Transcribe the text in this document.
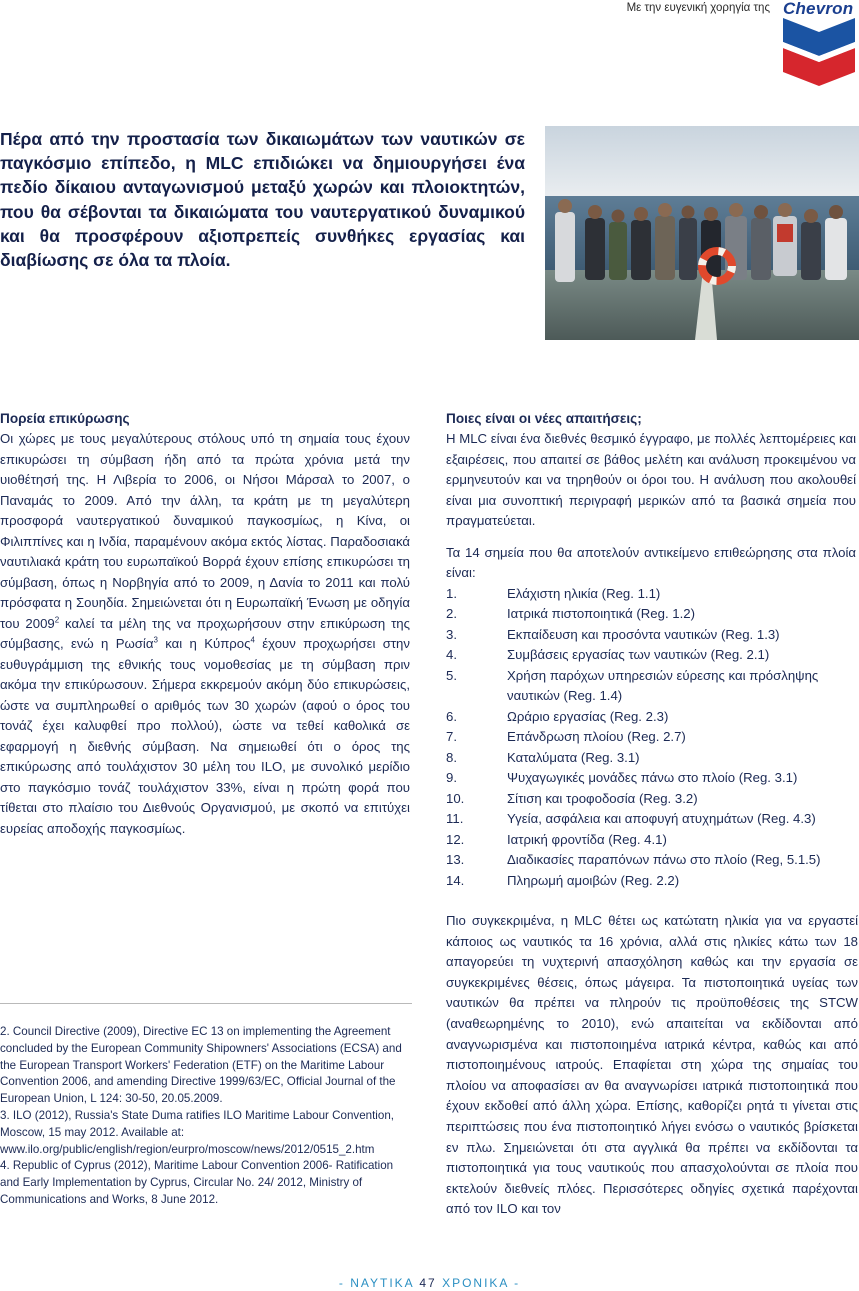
Με την ευγενική χορηγία της Chevron

Πέρα από την προστασία των δικαιωμάτων των ναυτικών σε παγκόσμιο επίπεδο, η MLC επιδιώκει να δημιουργήσει ένα πεδίο δίκαιου ανταγωνισμού μεταξύ χωρών και πλοιοκτητών, που θα σέβονται τα δικαιώματα του ναυτεργατικού δυναμικού και θα προσφέρουν αξιοπρεπείς συνθήκες εργασίας και διαβίωσης σε όλα τα πλοία.

Πορεία επικύρωσης

Οι χώρες με τους μεγαλύτερους στόλους υπό τη σημαία τους έχουν επικυρώσει τη σύμβαση ήδη από τα πρώτα χρόνια μετά την υιοθέτησή της. Η Λιβερία το 2006, οι Νήσοι Μάρσαλ το 2007, ο Παναμάς το 2009. Από την άλλη, τα κράτη με τη μεγαλύτερη προσφορά ναυτεργατικού δυναμικού παγκοσμίως, η Κίνα, οι Φιλιππίνες και η Ινδία, παραμένουν ακόμα εκτός λίστας. Παραδοσιακά ναυτιλιακά κράτη του ευρωπαϊκού Βορρά έχουν επίσης επικυρώσει τη σύμβαση, όπως η Νορβηγία από το 2009, η Δανία το 2011 και πολύ πρόσφατα η Σουηδία. Σημειώνεται ότι η Ευρωπαϊκή Ένωση με οδηγία του 2009$^2$ καλεί τα μέλη της να προχωρήσουν στην επικύρωση της σύμβασης, ενώ η Ρωσία$^3$ και η Κύπρος$^4$ έχουν προχωρήσει στην ευθυγράμμιση της εθνικής τους νομοθεσίας με τη σύμβαση πριν ακόμα την επικύρωσουν. Σήμερα εκκρεμούν ακόμη δύο επικυρώσεις, ώστε να συμπληρωθεί ο αριθμός των 30 χωρών (αφού ο όρος του τονάζ έχει καλυφθεί προ πολλού), ώστε να τεθεί καθολικά σε εφαρμογή η διεθνής σύμβαση. Να σημειωθεί ότι ο όρος της επικύρωσης από τουλάχιστον 30 μέλη του ILO, με συνολικό μερίδιο στο παγκόσμιο τονάζ τουλάχιστον 33%, είναι η πρώτη φορά που τίθεται στο πλαίσιο του Διεθνούς Οργανισμού, με σκοπό να επιτύχει ευρείας αποδοχής παγκοσμίως.

Ποιες είναι οι νέες απαιτήσεις;

Η MLC είναι ένα διεθνές θεσμικό έγγραφο, με πολλές λεπτομέρειες και εξαιρέσεις, που απαιτεί σε βάθος μελέτη και ανάλυση προκειμένου να ερμηνευτούν και να τηρηθούν οι όροι του. Η ανάλυση που ακολουθεί είναι μια συνοπτική περιγραφή μερικών από τα βασικά σημεία που πραγματεύεται.

Τα 14 σημεία που θα αποτελούν αντικείμενο επιθεώρησης στα πλοία είναι:

1.	Ελάχιστη ηλικία (Reg. 1.1)
2.	Ιατρικά πιστοποιητικά (Reg. 1.2)
3.	Εκπαίδευση και προσόντα ναυτικών (Reg. 1.3)
4.	Συμβάσεις εργασίας των ναυτικών (Reg. 2.1)
5.	Χρήση παρόχων υπηρεσιών εύρεσης και πρόσληψης ναυτικών (Reg. 1.4)
6.	Ωράριο εργασίας (Reg. 2.3)
7.	Επάνδρωση πλοίου (Reg. 2.7)
8.	Καταλύματα (Reg. 3.1)
9.	Ψυχαγωγικές μονάδες πάνω στο πλοίο (Reg. 3.1)
10.	Σίτιση και τροφοδοσία (Reg. 3.2)
11.	Υγεία, ασφάλεια και αποφυγή ατυχημάτων (Reg. 4.3)
12.	Ιατρική φροντίδα (Reg. 4.1)
13.	Διαδικασίες παραπόνων πάνω στο πλοίο (Reg, 5.1.5)
14.	Πληρωμή αμοιβών (Reg. 2.2)

Πιο συγκεκριμένα, η MLC θέτει ως κατώτατη ηλικία για να εργαστεί κάποιος ως ναυτικός τα 16 χρόνια, αλλά στις ηλικίες κάτω των 18 απαγορεύει τη νυχτερινή απασχόληση καθώς και την εργασία σε συγκεκριμένες θέσεις, όπως μάγειρα. Τα πιστοποιητικά υγείας των ναυτικών θα πρέπει να πληρούν τις προϋποθέσεις της STCW (αναθεωρημένης το 2010), ενώ απαιτείται να εκδίδονται από αναγνωρισμένα και πιστοποιημένα ιατρικά κέντρα, καθώς και από πιστοποιημένους ιατρούς. Επαφίεται στη χώρα της σημαίας του πλοίου να αποφασίσει αν θα αναγνωρίσει ιατρικά πιστοποιητικά που έχουν εκδοθεί από άλλη χώρα. Επίσης, καθορίζει ρητά τι γίνεται στις περιπτώσεις που ένα πιστοποιητικό λήγει ενόσω ο ναυτικός βρίσκεται εν πλω. Σημειώνεται ότι στα αγγλικά θα πρέπει να εκδίδονται τα πιστοποιητικά για τους ναυτικούς που απασχολούνται σε πλοία που εκτελούν διεθνείς πλόες. Περισσότερες οδηγίες σχετικά παρέχονται από τον ILO και τον

2. Council Directive (2009), Directive EC 13 on implementing the Agreement concluded by the European Community Shipowners' Associations (ECSA) and the European Transport Workers' Federation (ETF) on the Maritime Labour Convention 2006, and amending Directive 1999/63/EC, Official Journal of the European Union, L 124: 30-50, 20.05.2009.

3. ILO (2012), Russia's State Duma ratifies ILO Maritime Labour Convention, Moscow, 15 may 2012. Available at: www.ilo.org/public/english/region/eurpro/moscow/news/2012/0515_2.htm

4. Republic of Cyprus (2012), Maritime Labour Convention 2006- Ratification and Early Implementation by Cyprus, Circular No. 24/ 2012, Ministry of Communications and Works, 8 June 2012.

- ΝΑΥΤΙΚΑ 47 ΧΡΟΝΙΚΑ -
